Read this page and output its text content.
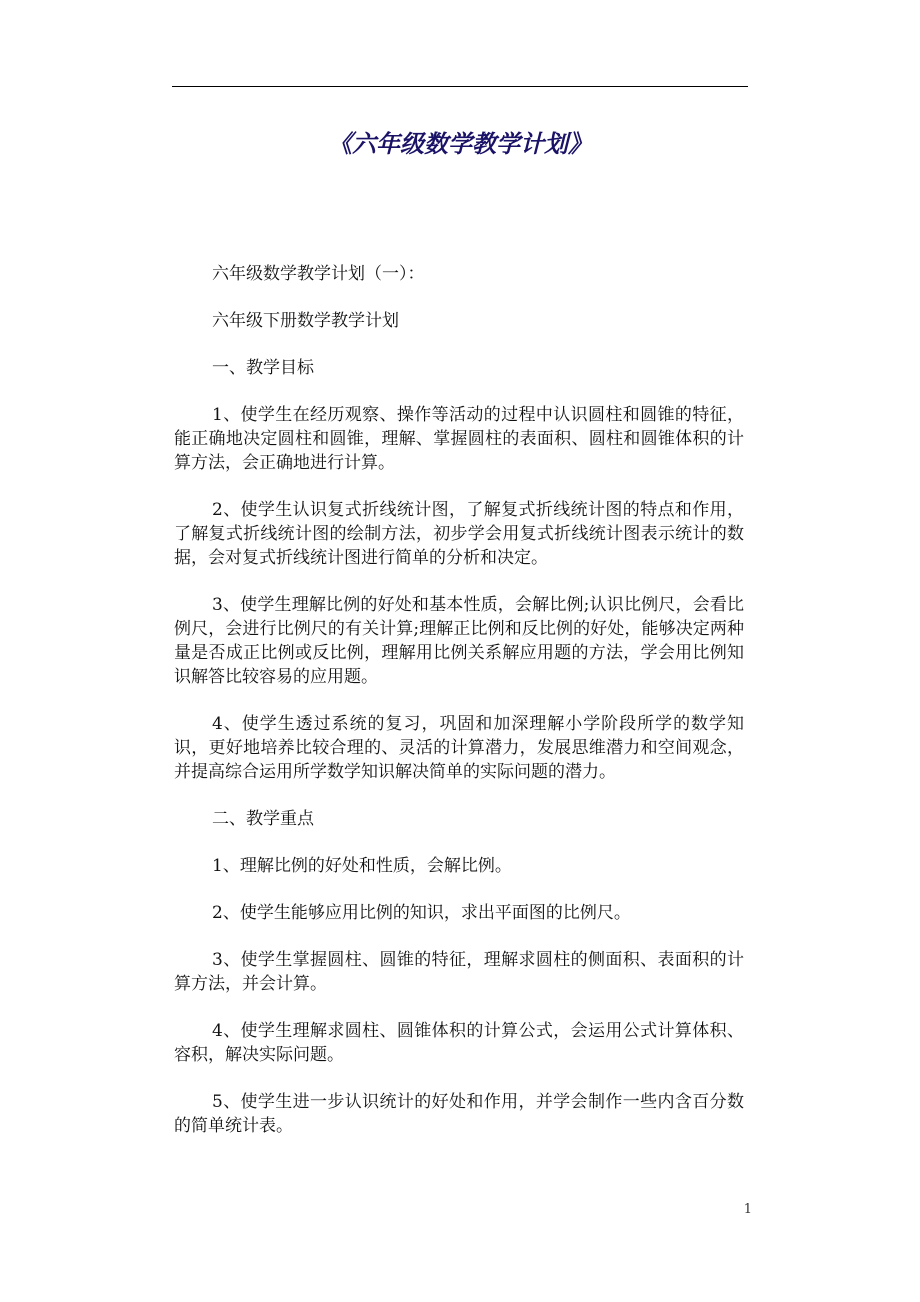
《六年级数学教学计划》

六年级数学教学计划（一）：

六年级下册数学教学计划

一、教学目标

1、使学生在经历观察、操作等活动的过程中认识圆柱和圆锥的特征，能正确地决定圆柱和圆锥，理解、掌握圆柱的表面积、圆柱和圆锥体积的计算方法，会正确地进行计算。

2、使学生认识复式折线统计图，了解复式折线统计图的特点和作用，了解复式折线统计图的绘制方法，初步学会用复式折线统计图表示统计的数据，会对复式折线统计图进行简单的分析和决定。

3、使学生理解比例的好处和基本性质，会解比例;认识比例尺，会看比例尺，会进行比例尺的有关计算;理解正比例和反比例的好处，能够决定两种量是否成正比例或反比例，理解用比例关系解应用题的方法，学会用比例知识解答比较容易的应用题。

4、使学生透过系统的复习，巩固和加深理解小学阶段所学的数学知识，更好地培养比较合理的、灵活的计算潜力，发展思维潜力和空间观念，并提高综合运用所学数学知识解决简单的实际问题的潜力。

二、教学重点

1、理解比例的好处和性质，会解比例。

2、使学生能够应用比例的知识，求出平面图的比例尺。

3、使学生掌握圆柱、圆锥的特征，理解求圆柱的侧面积、表面积的计算方法，并会计算。

4、使学生理解求圆柱、圆锥体积的计算公式，会运用公式计算体积、容积，解决实际问题。

5、使学生进一步认识统计的好处和作用，并学会制作一些内含百分数的简单统计表。

1
